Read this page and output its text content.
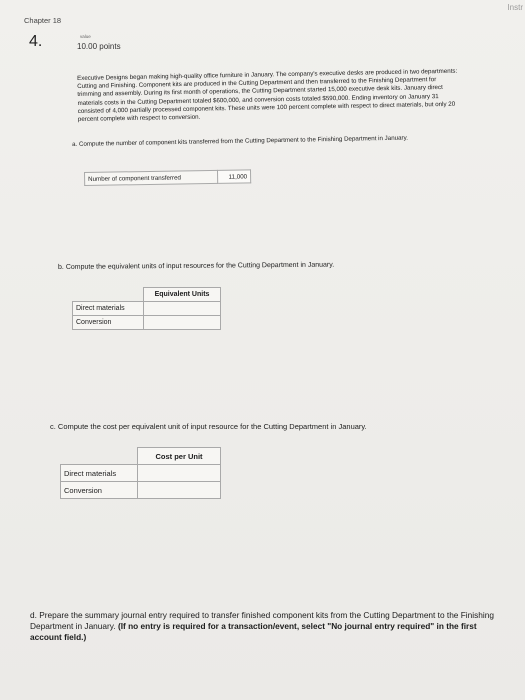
Instr
Chapter 18
4.	value
10.00 points
Executive Designs began making high-quality office furniture in January. The company's executive desks are produced in two departments: Cutting and Finishing. Component kits are produced in the Cutting Department and then transferred to the Finishing Department for trimming and assembly. During its first month of operations, the Cutting Department started 15,000 executive desk kits. January direct materials costs in the Cutting Department totaled $600,000, and conversion costs totaled $590,000. Ending inventory on January 31 consisted of 4,000 partially processed component kits. These units were 100 percent complete with respect to direct materials, but only 20 percent complete with respect to conversion.
a. Compute the number of component kits transferred from the Cutting Department to the Finishing Department in January.
Number of component transferred	11,000
b. Compute the equivalent units of input resources for the Cutting Department in January.
	Equivalent Units
Direct materials	
Conversion	
c. Compute the cost per equivalent unit of input resource for the Cutting Department in January.
	Cost per Unit
Direct materials	
Conversion	
d. Prepare the summary journal entry required to transfer finished component kits from the Cutting Department to the Finishing Department in January. (If no entry is required for a transaction/event, select "No journal entry required" in the first account field.)
